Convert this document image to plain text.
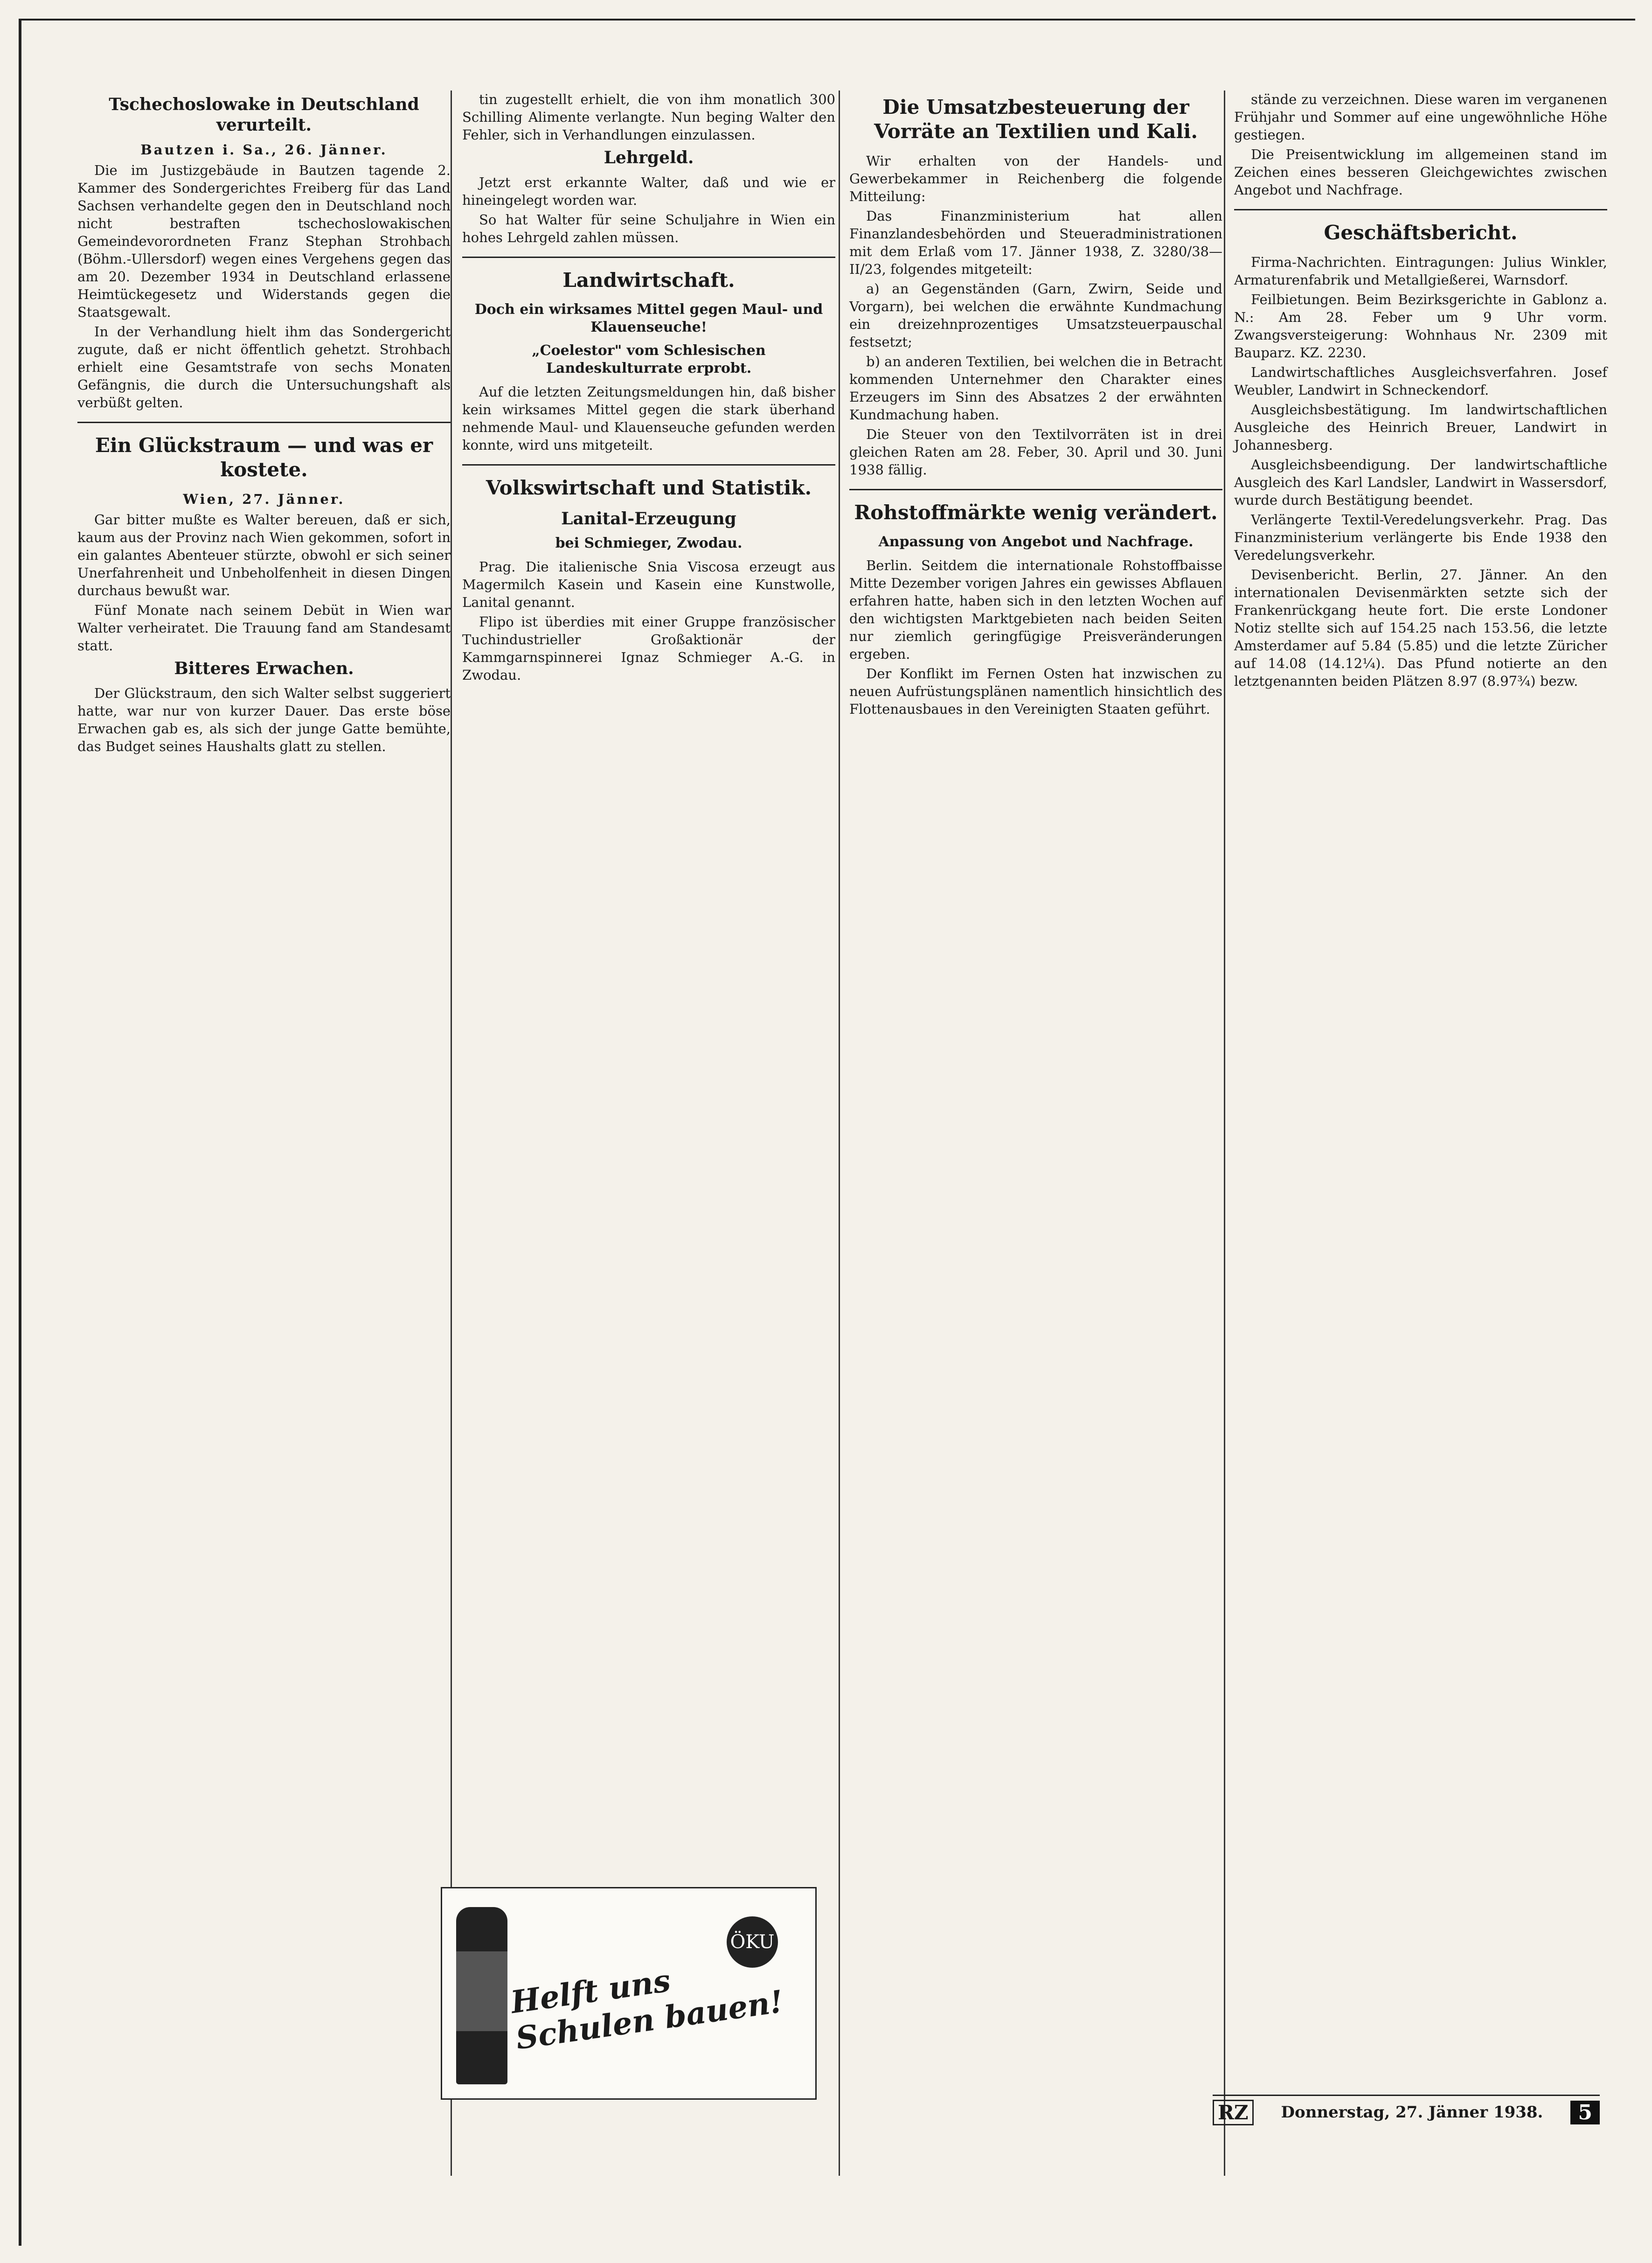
Tschechoslowake in Deutschland verurteilt.
Bautzen i. Sa., 26. Jänner.

Die im Justizgebäude in Bautzen tagende 2. Kammer des Sondergerichtes Freiberg für das Land Sachsen verhandelte gegen den in Deutschland noch nicht bestraften tschechoslowakischen Gemeindevorordneten Franz Stephan Strohbach (Böhm.-Ullersdorf) wegen eines Vergehens gegen das am 20. Dezember 1934 in Deutschland erlassene Heimtückegesetz und Widerstands gegen die Staatsgewalt.

In der Verhandlung hielt ihm das Sondergericht zugute, daß er nicht öffentlich gehetzt. Strohbach erhielt eine Gesamtstrafe von sechs Monaten Gefängnis, die durch die Untersuchungshaft als verbüßt gelten.

Ein Glückstraum — und was er kostete.
Wien, 27. Jänner.

Gar bitter mußte es Walter bereuen, daß er sich, kaum aus der Provinz nach Wien gekommen, sofort in ein galantes Abenteuer stürzte, obwohl er sich seiner Unerfahrenheit und Unbeholfenheit in diesen Dingen durchaus bewußt war.

Fünf Monate nach seinem Debüt in Wien war Walter verheiratet. Die Trauung fand am Standesamt statt.

Bitteres Erwachen.

Der Glückstraum, den sich Walter selbst suggeriert hatte, war nur von kurzer Dauer. Das erste böse Erwachen gab es, als sich der junge Gatte bemühte, das Budget seines Haushalts glatt zu stellen.

tin zugestellt erhielt, die von ihm monatlich 300 Schilling Alimente verlangte. Nun beging Walter den Fehler, sich in Verhandlungen einzulassen.

Lehrgeld.

Jetzt erst erkannte Walter, daß und wie er hineingelegt worden war.

So hat Walter für seine Schuljahre in Wien ein hohes Lehrgeld zahlen müssen.

Landwirtschaft.
Doch ein wirksames Mittel gegen Maul- und Klauenseuche!
„Coelestor" vom Schlesischen Landeskulturrate erprobt.

Auf die letzten Zeitungsmeldungen hin, daß bisher kein wirksames Mittel gegen die stark überhand nehmende Maul- und Klauenseuche gefunden werden konnte, wird uns mitgeteilt.

Volkswirtschaft und Statistik.
Lanital-Erzeugung
bei Schmieger, Zwodau.

Prag. Die italienische Snia Viscosa erzeugt aus Magermilch Kasein und Kasein eine Kunstwolle, Lanital genannt.

Flipo ist überdies mit einer Gruppe französischer Tuchindustrieller Großaktionär der Kammgarnspinnerei Ignaz Schmieger A.-G. in Zwodau.

Die Umsatzbesteuerung der Vorräte an Textilien und Kali.

Wir erhalten von der Handels- und Gewerbekammer in Reichenberg die folgende Mitteilung:

Das Finanzministerium hat allen Finanzlandesbehörden und Steueradministrationen mit dem Erlaß vom 17. Jänner 1938, Z. 3280/38—II/23, folgendes mitgeteilt:

a) an Gegenständen (Garn, Zwirn, Seide und Vorgarn), bei welchen die erwähnte Kundmachung ein dreizehnprozentiges Umsatzsteuerpauschal festsetzt;

b) an anderen Textilien, bei welchen die in Betracht kommenden Unternehmer den Charakter eines Erzeugers im Sinn des Absatzes 2 der erwähnten Kundmachung haben.

Die Steuer von den Textilvorräten ist in drei gleichen Raten am 28. Feber, 30. April und 30. Juni 1938 fällig.

Rohstoffmärkte wenig verändert.
Anpassung von Angebot und Nachfrage.

Berlin. Seitdem die internationale Rohstoffbaisse Mitte Dezember vorigen Jahres ein gewisses Abflauen erfahren hatte, haben sich in den letzten Wochen auf den wichtigsten Marktgebieten nach beiden Seiten nur ziemlich geringfügige Preisveränderungen ergeben.

Der Konflikt im Fernen Osten hat inzwischen zu neuen Aufrüstungsplänen namentlich hinsichtlich des Flottenausbaues in den Vereinigten Staaten geführt.

stände zu verzeichnen. Diese waren im verganenen Frühjahr und Sommer auf eine ungewöhnliche Höhe gestiegen.

Die Preisentwicklung im allgemeinen stand im Zeichen eines besseren Gleichgewichtes zwischen Angebot und Nachfrage.

Geschäftsbericht.

Firma-Nachrichten. Eintragungen: Julius Winkler, Armaturenfabrik und Metallgießerei, Warnsdorf.

Feilbietungen. Beim Bezirksgerichte in Gablonz a. N.: Am 28. Feber um 9 Uhr vorm. Zwangsversteigerung: Wohnhaus Nr. 2309 mit Bauparz. KZ. 2230.

Landwirtschaftliches Ausgleichsverfahren. Josef Weubler, Landwirt in Schneckendorf.

Ausgleichsbestätigung. Im landwirtschaftlichen Ausgleiche des Heinrich Breuer, Landwirt in Johannesberg.

Ausgleichsbeendigung. Der landwirtschaftliche Ausgleich des Karl Landsler, Landwirt in Wassersdorf, wurde durch Bestätigung beendet.

Verlängerte Textil-Veredelungsverkehr. Prag. Das Finanzministerium verlängerte bis Ende 1938 den Veredelungsverkehr.

Devisenbericht. Berlin, 27. Jänner. An den internationalen Devisenmärkten setzte sich der Frankenrückgang heute fort. Die erste Londoner Notiz stellte sich auf 154.25 nach 153.56, die letzte Amsterdamer auf 5.84 (5.85) und die letzte Züricher auf 14.08 (14.12¼). Das Pfund notierte an den letztgenannten beiden Plätzen 8.97 (8.97¾) bezw.

ÖKU
Helft uns Schulen bauen!
RZ	Donnerstag, 27. Jänner 1938.	5
